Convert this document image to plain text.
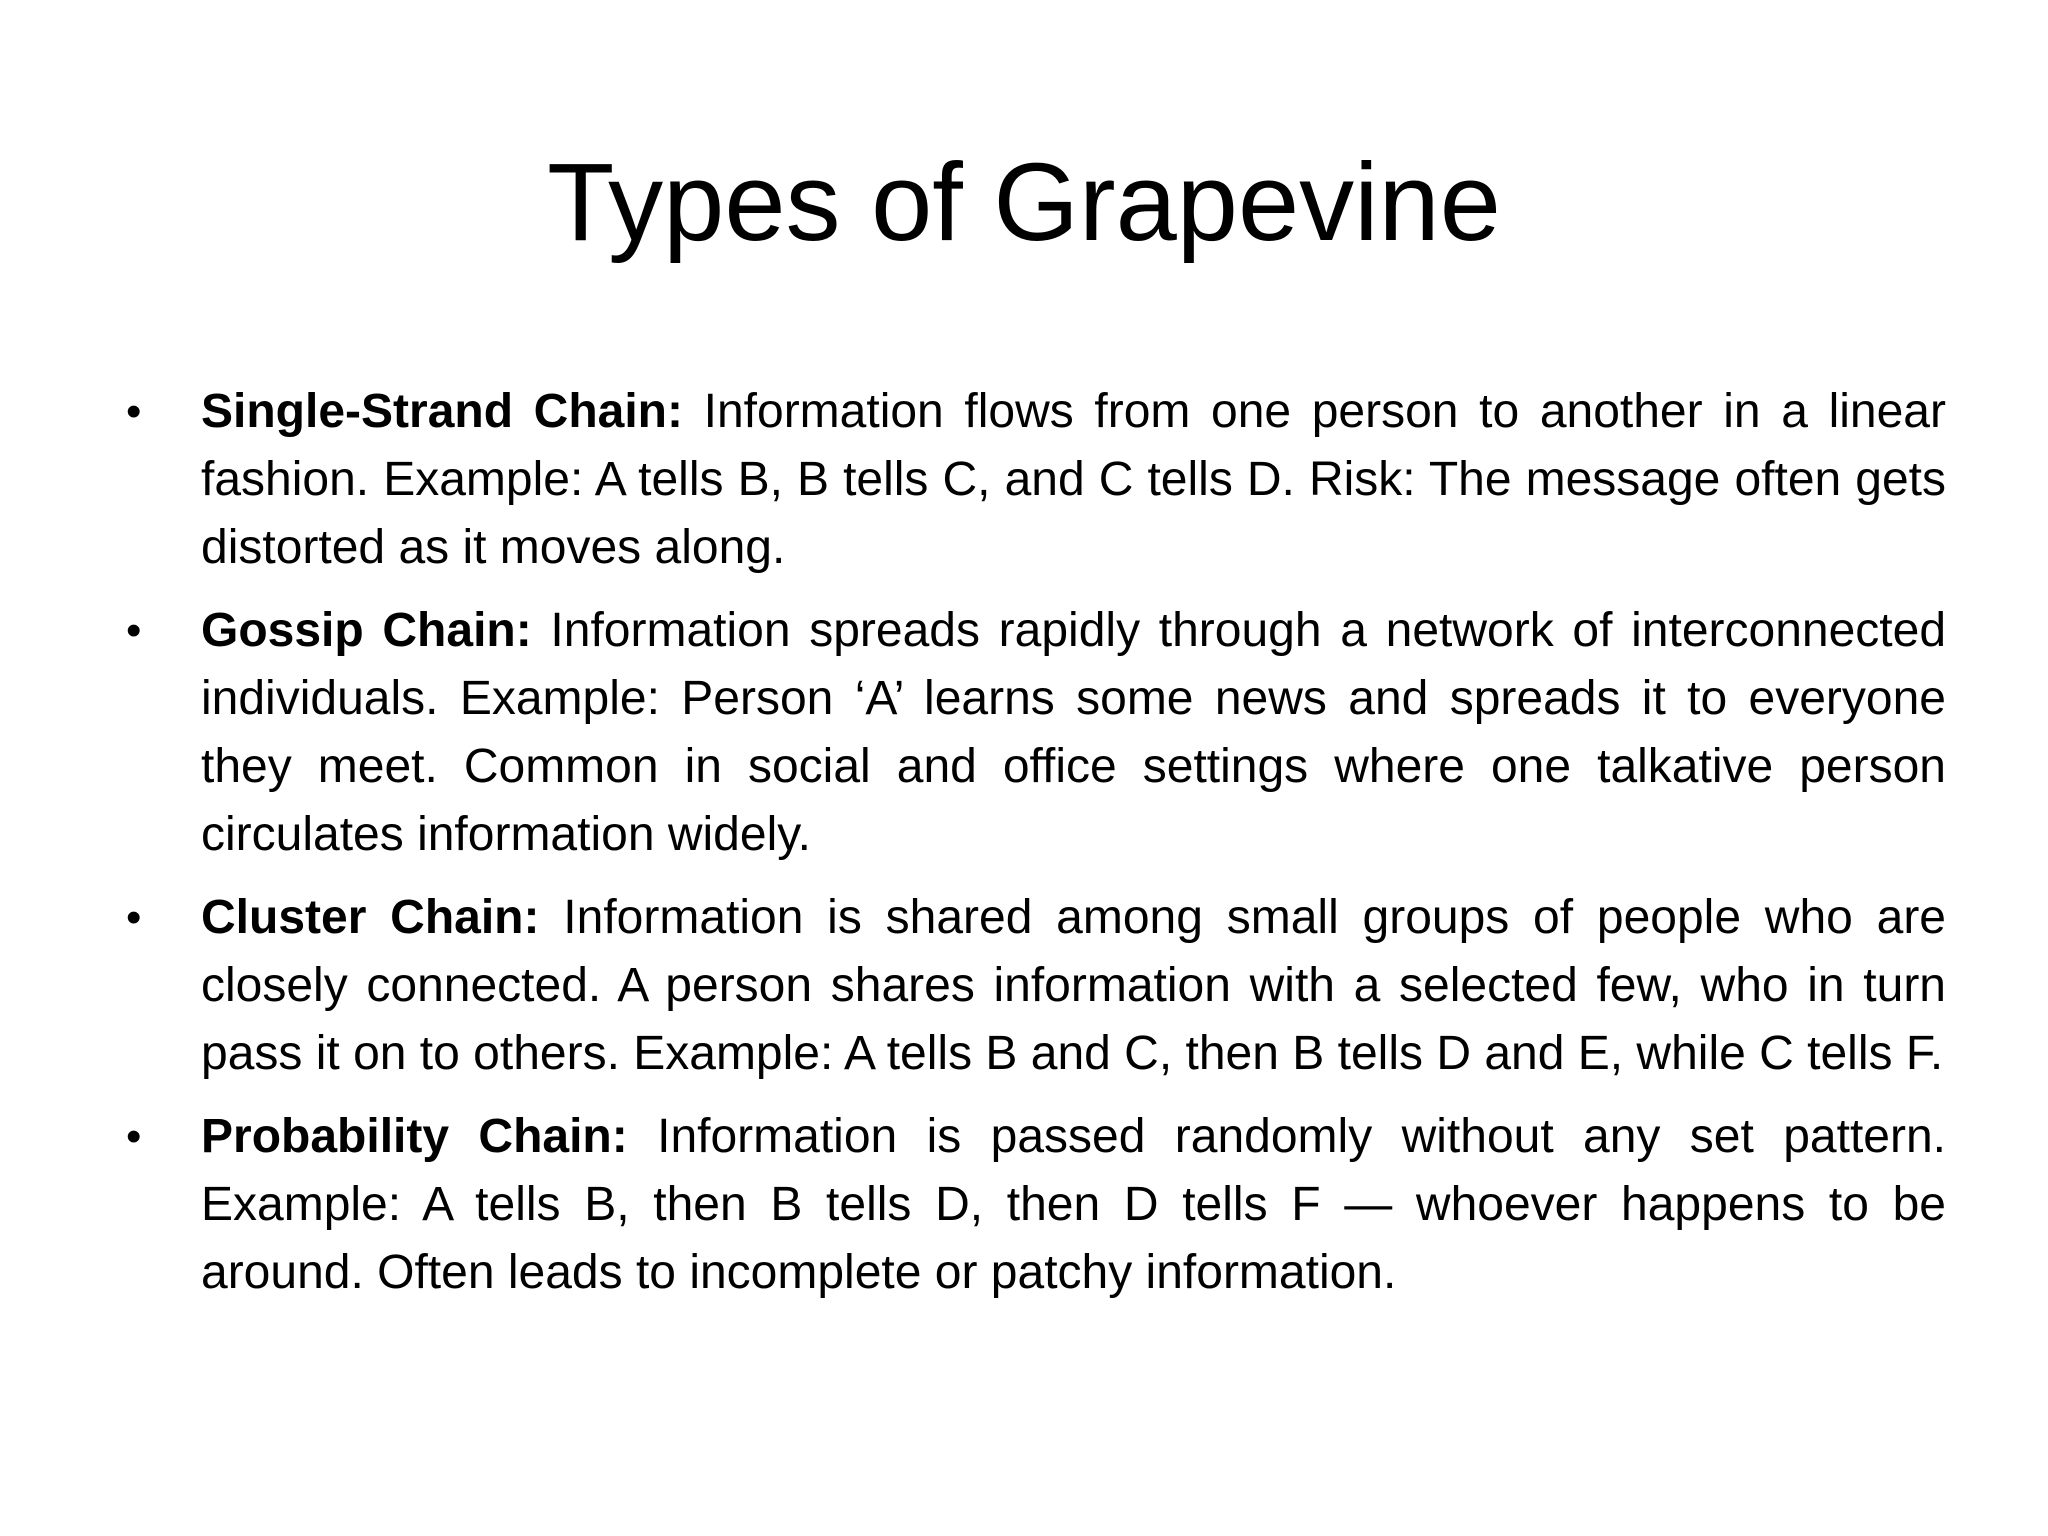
Types of Grapevine
• Single-Strand Chain: Information flows from one person to another in a linear fashion. Example: A tells B, B tells C, and C tells D. Risk: The message often gets distorted as it moves along.
• Gossip Chain: Information spreads rapidly through a network of interconnected individuals. Example: Person ‘A’ learns some news and spreads it to everyone they meet. Common in social and office settings where one talkative person circulates information widely.
• Cluster Chain: Information is shared among small groups of people who are closely connected. A person shares information with a selected few, who in turn pass it on to others. Example: A tells B and C, then B tells D and E, while C tells F.
• Probability Chain: Information is passed randomly without any set pattern. Example: A tells B, then B tells D, then D tells F — whoever happens to be around. Often leads to incomplete or patchy information.
